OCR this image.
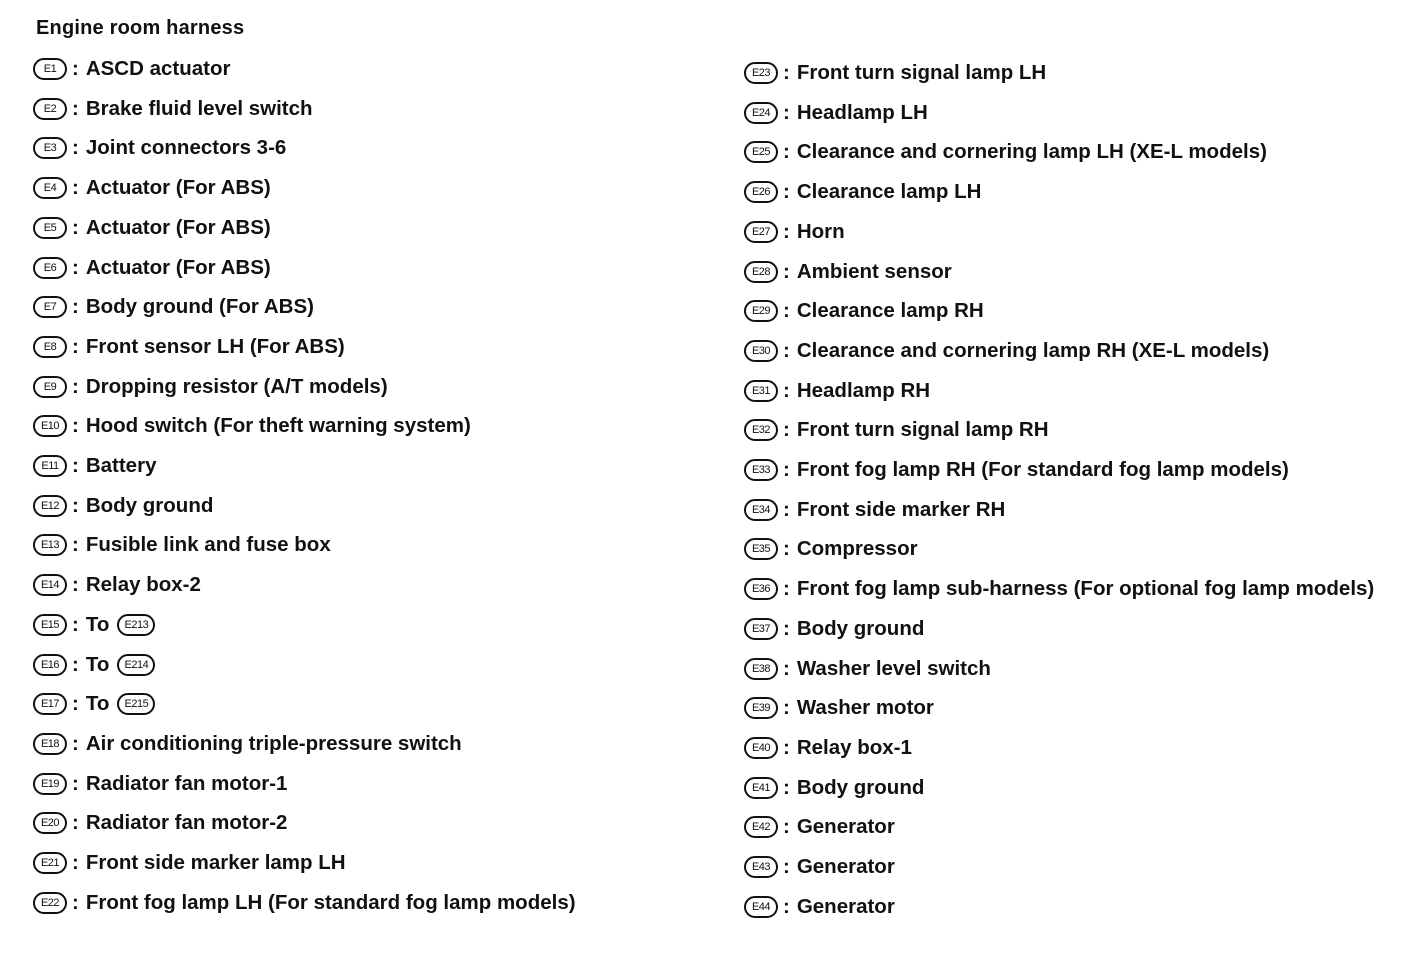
Engine room harness
E1 : ASCD actuator
E2 : Brake fluid level switch
E3 : Joint connectors 3-6
E4 : Actuator (For ABS)
E5 : Actuator (For ABS)
E6 : Actuator (For ABS)
E7 : Body ground (For ABS)
E8 : Front sensor LH (For ABS)
E9 : Dropping resistor (A/T models)
E10 : Hood switch (For theft warning system)
E11 : Battery
E12 : Body ground
E13 : Fusible link and fuse box
E14 : Relay box-2
E15 : To	E213
E16 : To	E214
E17 : To	E215
E18 : Air conditioning triple-pressure switch
E19 : Radiator fan motor-1
E20 : Radiator fan motor-2
E21 : Front side marker lamp LH
E22 : Front fog lamp LH (For standard fog lamp models)
E23 : Front turn signal lamp LH
E24 : Headlamp LH
E25 : Clearance and cornering lamp LH (XE-L models)
E26 : Clearance lamp LH
E27 : Horn
E28 : Ambient sensor
E29 : Clearance lamp RH
E30 : Clearance and cornering lamp RH (XE-L models)
E31 : Headlamp RH
E32 : Front turn signal lamp RH
E33 : Front fog lamp RH (For standard fog lamp models)
E34 : Front side marker RH
E35 : Compressor
E36 : Front fog lamp sub-harness (For optional fog lamp models)
E37 : Body ground
E38 : Washer level switch
E39 : Washer motor
E40 : Relay box-1
E41 : Body ground
E42 : Generator
E43 : Generator
E44 : Generator
